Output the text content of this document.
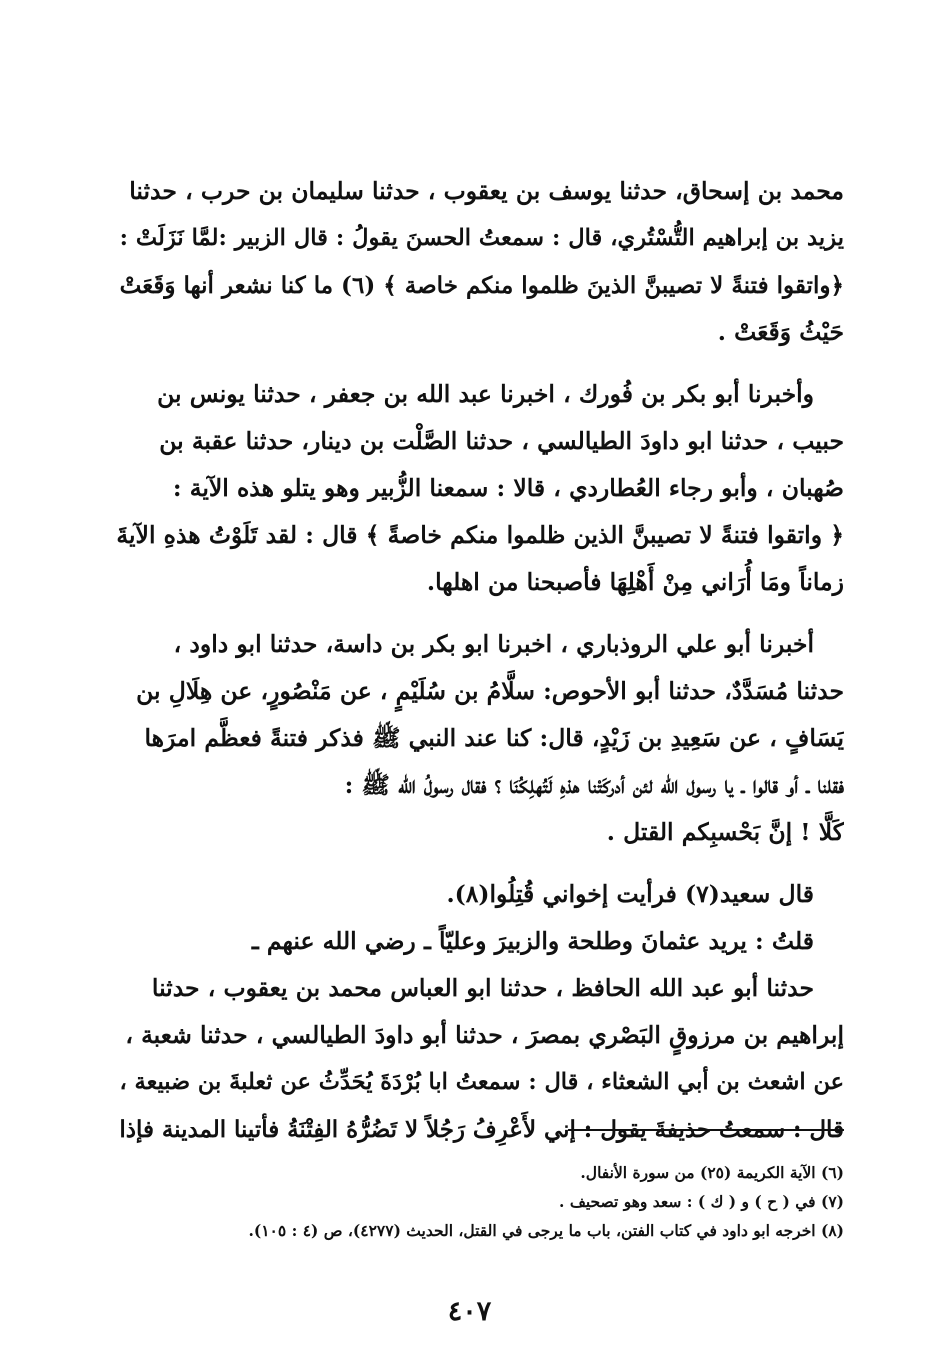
محمد بن إسحاق، حدثنا يوسف بن يعقوب ، حدثنا سليمان بن حرب ، حدثنا
يزيد بن إبراهيم التُّسْتُري، قال : سمعتُ الحسنَ يقولُ : قال الزبير :لمَّا نَزَلَتْ :
﴿واتقوا فتنةً لا تصيبنَّ الذينَ ظلموا منكم خاصة ﴾ (٦) ما كنا نشعر أنها وَقَعَتْ
حَيْثُ وَقَعَتْ .
وأخبرنا أبو بكر بن فُورك ، اخبرنا عبد الله بن جعفر ، حدثنا يونس بن
حبيب ، حدثنا ابو داودَ الطيالسي ، حدثنا الصَّلْت بن دينار، حدثنا عقبة بن
صُهبان ، وأبو رجاء العُطاردي ، قالا : سمعنا الزُّبير وهو يتلو هذه الآية :
﴿ واتقوا فتنةً لا تصيبنَّ الذين ظلموا منكم خاصةً ﴾ قال : لقد تَلَوْتُ هذهِ الآيةَ
زماناً ومَا أُرَاني مِنْ أَهْلِهَا فأصبحنا من اهلها.
أخبرنا أبو علي الروذباري ، اخبرنا ابو بكر بن داسة، حدثنا ابو داود ،
حدثنا مُسَدَّدٌ، حدثنا أبو الأحوص: سلَّامُ بن سُلَيْمٍ ، عن مَنْصُورٍ، عن هِلَالِ بن
يَسَافٍ ، عن سَعِيدِ بن زَيْدٍ، قال: كنا عند النبي ﷺ فذكر فتنةً فعظَّم امرَها
فقلنا ـ أو قالوا ـ يا رسول الله لئن أدركَتْنا هذهِ لَتُهلِكُنَا ؟ فقال رسولُ الله ﷺ :
كَلَّا ! إنَّ بَحْسبِكم القتل .
قال سعيد(٧) فرأيت إخواني قُتِلُوا(٨).
قلتُ : يريد عثمانَ وطلحة والزبيرَ وعليّاً ـ رضي الله عنهم ـ
حدثنا أبو عبد الله الحافظ ، حدثنا ابو العباس محمد بن يعقوب ، حدثنا
إبراهيم بن مرزوقٍ البَصْري بمصرَ ، حدثنا أبو داودَ الطيالسي ، حدثنا شعبة ،
عن اشعث بن أبي الشعثاء ، قال : سمعتُ ابا بُرْدَةَ يُحَدِّثُ عن ثعلبةَ بن ضبيعة ،
قال : سمعتُ حذيفةَ يقول : إني لأَعْرِفُ رَجُلاً لا تَضُرُّهُ الفِتْنَةُ فأتينا المدينة فإذا
(٦) الآية الكريمة (٢٥) من سورة الأنفال.
(٧) في ( ح ) و ( ك ) : سعد وهو تصحيف .
(٨) اخرجه ابو داود في كتاب الفتن، باب ما يرجى في القتل، الحديث (٤٢٧٧)، ص (٤ : ١٠٥).
٤٠٧
